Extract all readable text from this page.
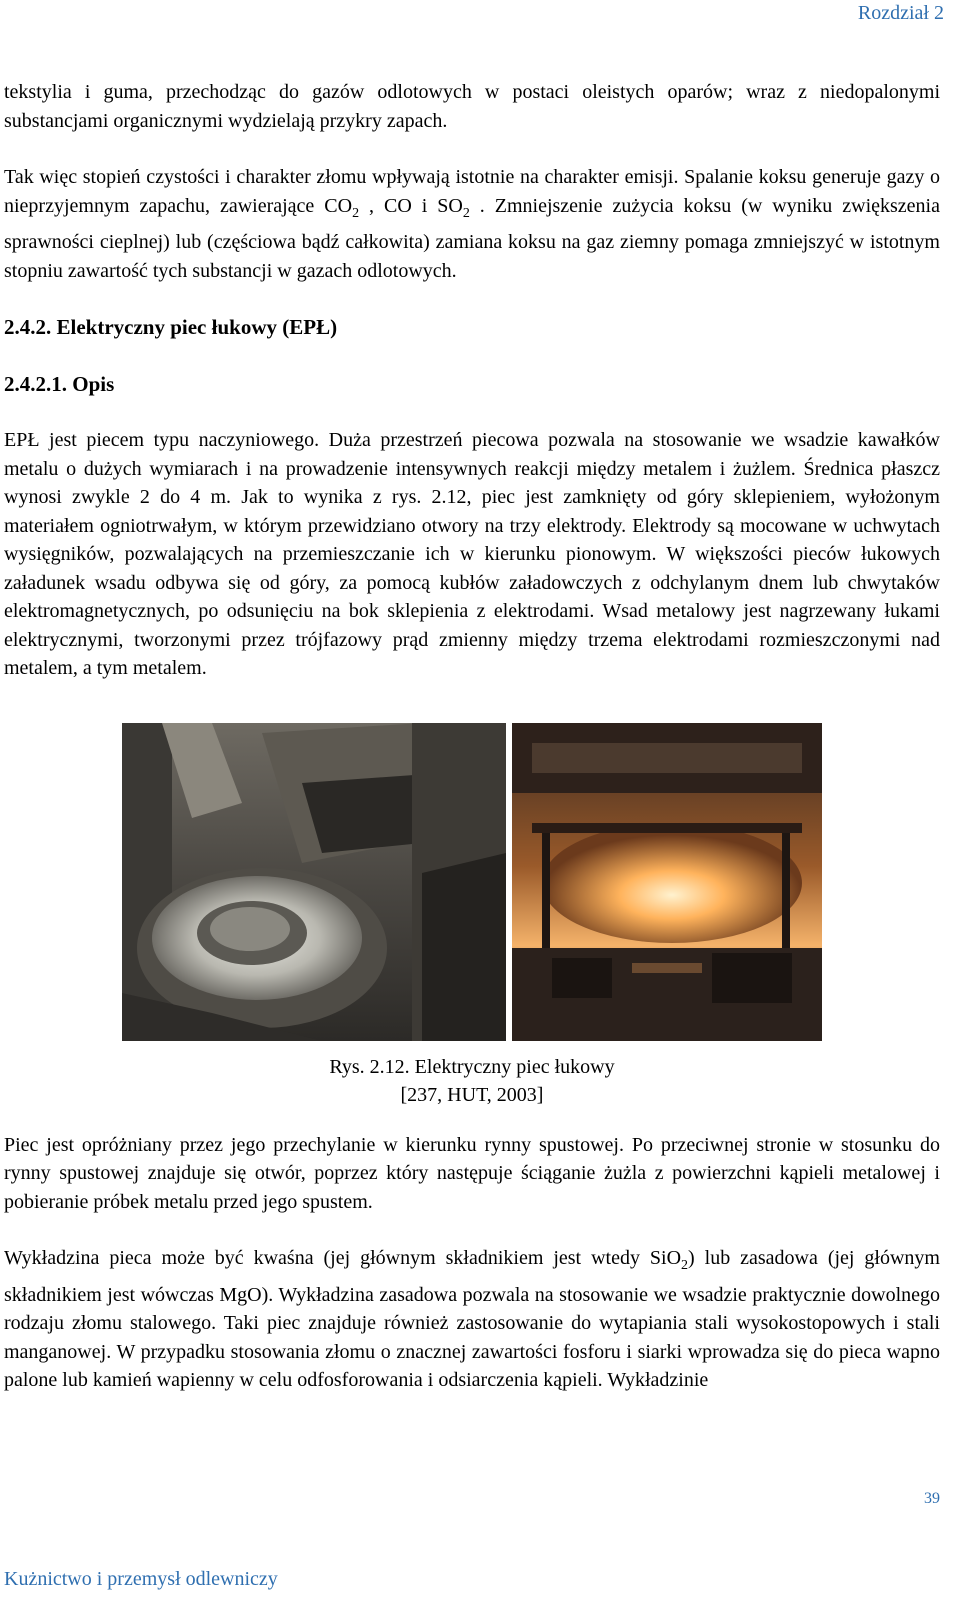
Rozdział 2

tekstylia i guma, przechodząc do gazów odlotowych w postaci oleistych oparów; wraz z niedopalonymi substancjami organicznymi wydzielają przykry zapach.

Tak więc stopień czystości i charakter złomu wpływają istotnie na charakter emisji. Spalanie koksu generuje gazy o nieprzyjemnym zapachu, zawierające $CO_2$ , CO i $SO_2$ . Zmniejszenie zużycia koksu (w wyniku zwiększenia sprawności cieplnej) lub (częściowa bądź całkowita) zamiana koksu na gaz ziemny pomaga zmniejszyć w istotnym stopniu zawartość tych substancji w gazach odlotowych.

2.4.2. Elektryczny piec łukowy (EPŁ)
2.4.2.1. Opis

EPŁ jest piecem typu naczyniowego. Duża przestrzeń piecowa pozwala na stosowanie we wsadzie kawałków metalu o dużych wymiarach i na prowadzenie intensywnych reakcji między metalem i żużlem. Średnica płaszcz wynosi zwykle 2 do 4 m. Jak to wynika z rys. 2.12, piec jest zamknięty od góry sklepieniem, wyłożonym materiałem ogniotrwałym, w którym przewidziano otwory na trzy elektrody. Elektrody są mocowane w uchwytach wysięgników, pozwalających na przemieszczanie ich w kierunku pionowym. W większości pieców łukowych załadunek wsadu odbywa się od góry, za pomocą kubłów załadowczych z odchylanym dnem lub chwytaków elektromagnetycznych, po odsunięciu na bok sklepienia z elektrodami. Wsad metalowy jest nagrzewany łukami elektrycznymi, tworzonymi przez trójfazowy prąd zmienny między trzema elektrodami rozmieszczonymi nad metalem, a tym metalem.

Rys. 2.12. Elektryczny piec łukowy
[237, HUT, 2003]

Piec jest opróżniany przez jego przechylanie w kierunku rynny spustowej. Po przeciwnej stronie w stosunku do rynny spustowej znajduje się otwór, poprzez który następuje ściąganie żużla z powierzchni kąpieli metalowej i pobieranie próbek metalu przed jego spustem.

Wykładzina pieca może być kwaśna (jej głównym składnikiem jest wtedy SiO$_2$) lub zasadowa (jej głównym składnikiem jest wówczas MgO). Wykładzina zasadowa pozwala na stosowanie we wsadzie praktycznie dowolnego rodzaju złomu stalowego. Taki piec znajduje również zastosowanie do wytapiania stali wysokostopowych i stali manganowej. W przypadku stosowania złomu o znacznej zawartości fosforu i siarki wprowadza się do pieca wapno palone lub kamień wapienny w celu odfosforowania i odsiarczenia kąpieli. Wykładzinie

39
Kużnictwo i przemysł odlewniczy
